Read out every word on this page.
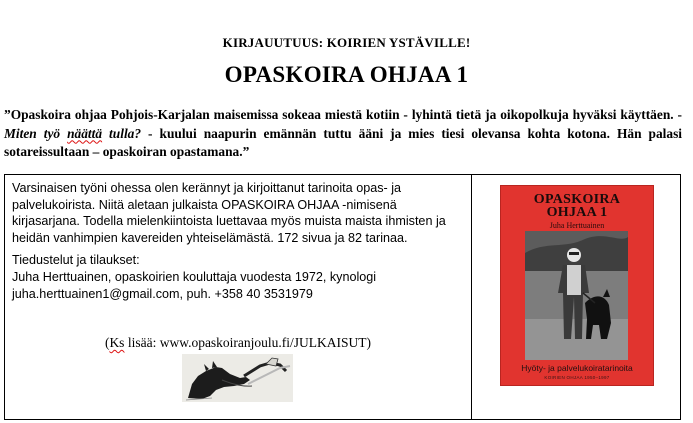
KIRJAUUTUUS: KOIRIEN YSTÄVILLE!
OPASKOIRA OHJAA 1
”Opaskoira ohjaa Pohjois-Karjalan maisemissa sokeaa miestä kotiin - lyhintä tietä ja oikopolkuja hyväksi käyttäen. -Miten työ näättä tulla? - kuului naapurin emännän tuttu ääni ja mies tiesi olevansa kohta kotona. Hän palasi sotareissultaan – opaskoiran opastamana.”

Varsinaisen työni ohessa olen kerännyt ja kirjoittanut tarinoita opas- ja palvelukoirista. Niitä aletaan julkaista OPASKOIRA OHJAA -nimisenä kirjasarjana. Todella mielenkiintoista luettavaa myös muista maista ihmisten ja heidän vanhimpien kavereiden yhteiselämästä. 172 sivua ja 82 tarinaa.

Tiedustelut ja tilaukset:

Juha Herttuainen, opaskoirien kouluttaja vuodesta 1972, kynologi

juha.herttuainen1@gmail.com, puh. +358 40 3531979

(Ks lisää: www.opaskoiranjoulu.fi/JULKAISUT)
OPASKOIRA
OHJAA 1
Juha Herttuainen
Hyöty- ja palvelukoiratarinoita
KOIRIEN OHJAA 1950–1997
